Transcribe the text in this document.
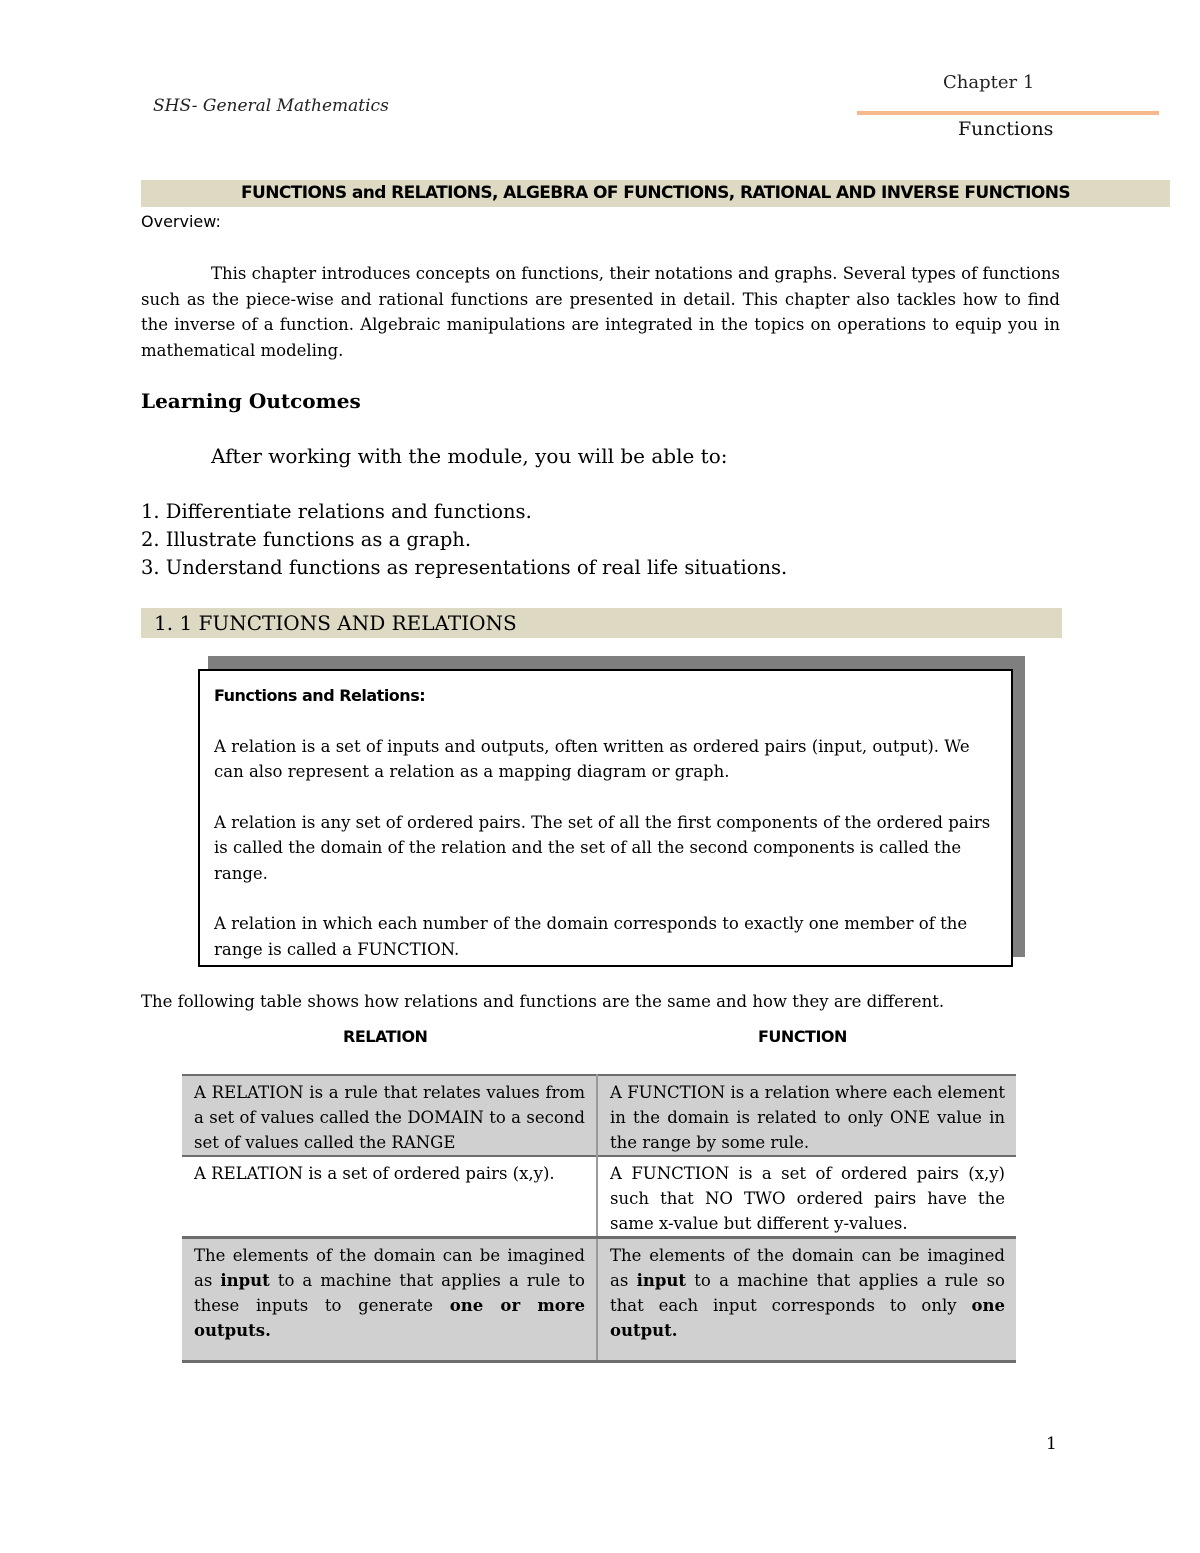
SHS- General Mathematics
Chapter 1
Functions
FUNCTIONS and RELATIONS, ALGEBRA OF FUNCTIONS, RATIONAL AND INVERSE FUNCTIONS
Overview:

This chapter introduces concepts on functions, their notations and graphs. Several types of functions such as the piece-wise and rational functions are presented in detail. This chapter also tackles how to find the inverse of a function. Algebraic manipulations are integrated in the topics on operations to equip you in mathematical modeling.

Learning Outcomes
After working with the module, you will be able to:
1. Differentiate relations and functions.
2. Illustrate functions as a graph.
3. Understand functions as representations of real life situations.
1. 1 FUNCTIONS AND RELATIONS
Functions and Relations:

A relation is a set of inputs and outputs, often written as ordered pairs (input, output). We can also represent a relation as a mapping diagram or graph.

A relation is any set of ordered pairs. The set of all the first components of the ordered pairs is called the domain of the relation and the set of all the second components is called the range.

A relation in which each number of the domain corresponds to exactly one member of the range is called a FUNCTION.

The following table shows how relations and functions are the same and how they are different.
RELATION	FUNCTION
A RELATION is a rule that relates values from a set of values called the DOMAIN to a second set of values called the RANGE	A FUNCTION is a relation where each element in the domain is related to only ONE value in the range by some rule.
A RELATION is a set of ordered pairs (x,y).	A FUNCTION is a set of ordered pairs (x,y) such that NO TWO ordered pairs have the same x-value but different y-values.
The elements of the domain can be imagined as input to a machine that applies a rule to these inputs to generate one or more outputs.	The elements of the domain can be imagined as input to a machine that applies a rule so that each input corresponds to only one output.
1
